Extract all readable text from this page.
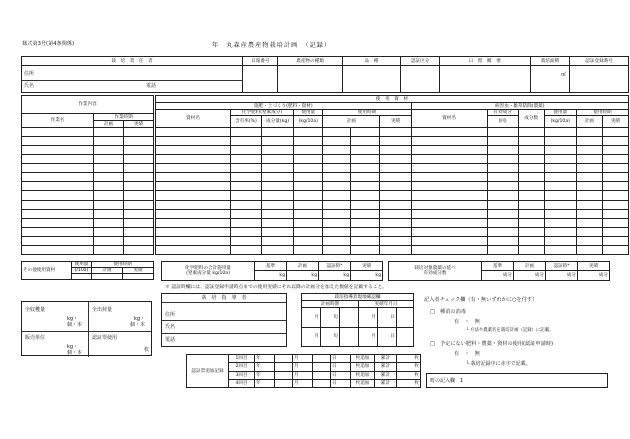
様式第3号(第4条関係)	年　丸森産農産物栽培計画　（記録）
栽　培　責　任　者	日報番号	農産物の種類	品　種	認証区分	日　程　概　要	栽培面積	認証登録番号

住所
氏名 電話						㎡	

作業内容		
作業名	作業時期	
	計画	実績

使　用　資　材												
施肥・土づくり(肥料・資材)							病害虫・雑草防除(農薬)					
資材名	化学肥料(窒素成分)		使用量	使用時期			資材名	有効成分	成分数	使用量	使用時期	
	含有率(%)	成分量(kg)	(kg/10a)	計画		実績		(回)		(kg/10a)	計画	実績

その他使用資材	使用量	使用時期	
	(/10a)	計画	実績
			化学肥料の合計施用量
(窒素成分量 kg/10a)	基準	計画	認証時*	実績
	kg	kg	kg	kg
栽培対象農薬の延べ
有効成分数	基準	計画	認証時*	実績
	成分	成分	成分	成分
＊ 認証時欄には、認証登録申請時点までの使用実績にそれ以降の計画分を加えた数値を記載すること。
全収穫量
kg・
個・本
全出荷量
kg・
個・本
販売単位
kg・
個・本
認証票使用
枚
栽　培　指　導　者
住所
氏名
電話
栽培指導者現地確認欄					
計画時期			実績年月日		
月	旬		月	日	
月	旬		月	日	
記入者チェック欄（有・無いずれかに○を付す）
□ 種苗の消毒
有　・　無
└ 方法や農薬名を栽培計画（記録）に記載。
□ 予定にない肥料・農薬・資材の使用(認証申請時)
有　・　無
└ 栽培記録中に赤字で記載。
認証票追加記録	1回目	年		月		日	枚追加	累計	枚
	2回目	年		月		日	枚追加	累計	枚
	3回目	年		月		日	枚追加	累計	枚
	4回目	年		月		日	枚追加	累計	枚 町の記入欄　1
